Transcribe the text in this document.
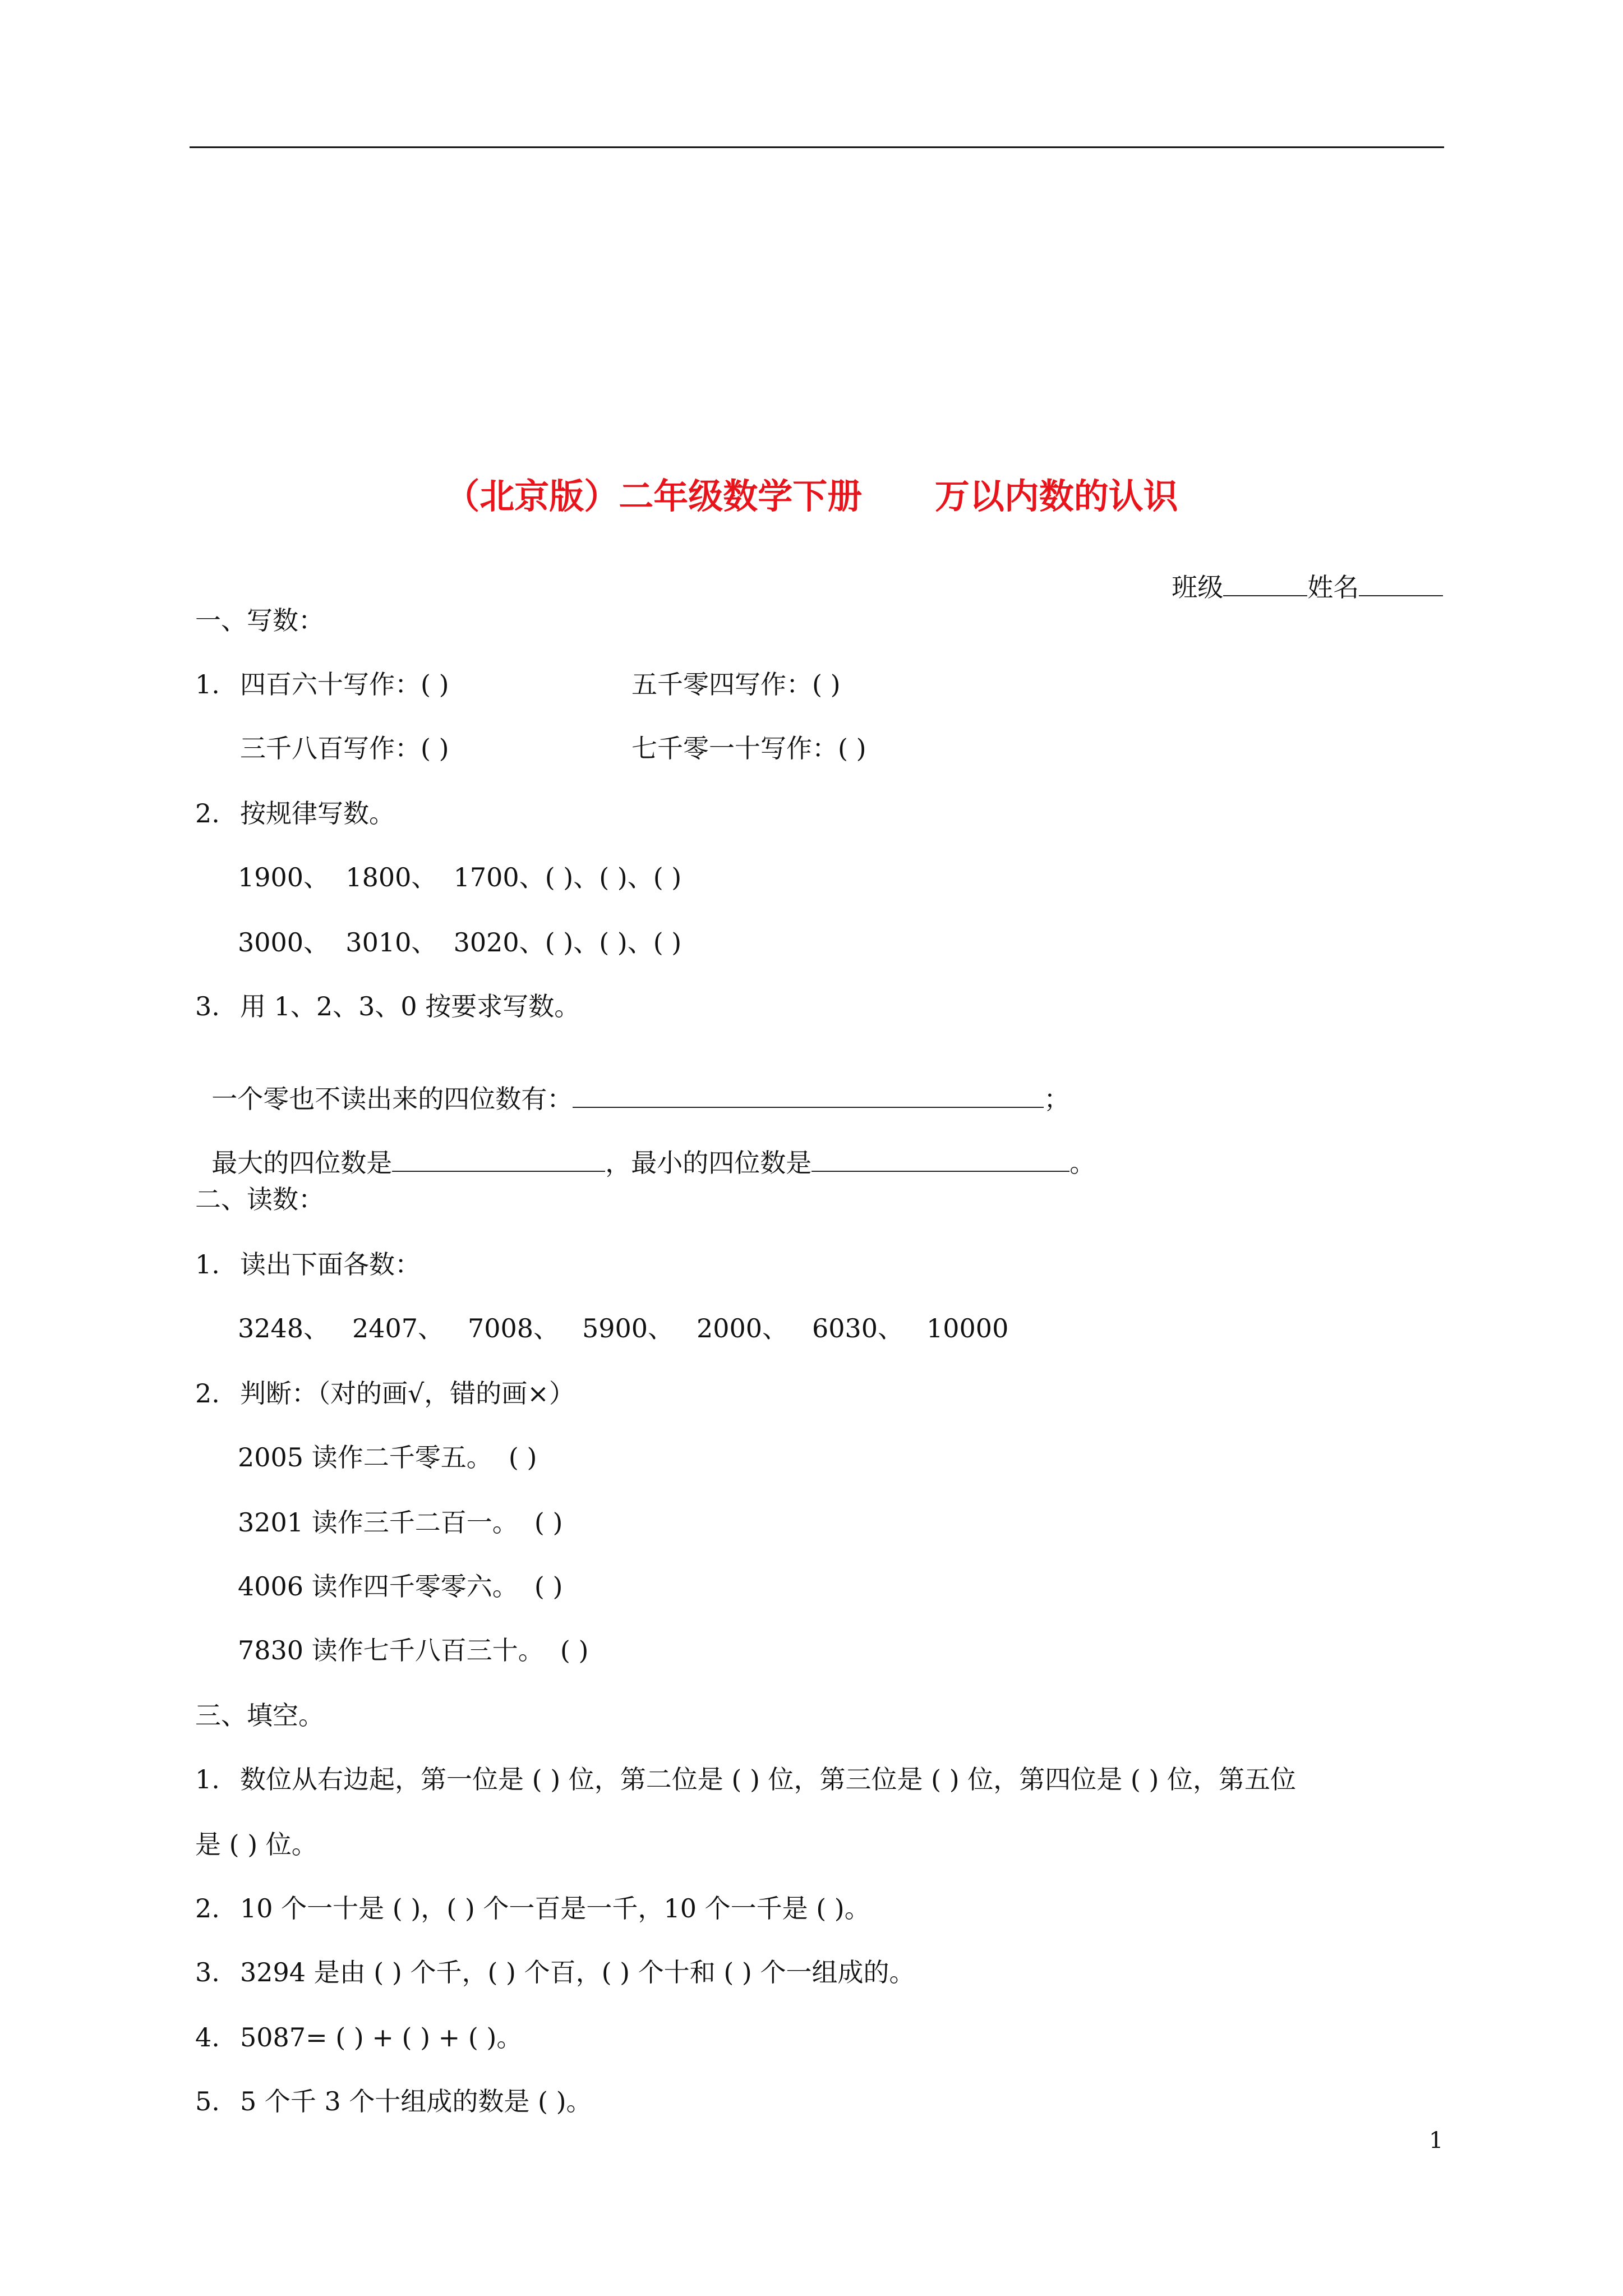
（北京版）二年级数学下册      万以内数的认识

班级	姓名

一、写数：
1. 四百六十写作：( )	五千零四写作：( )
三千八百写作：( )	七千零一十写作：( )
2. 按规律写数。
1900、  1800、  1700、( )、( )、( )
3000、  3010、  3020、( )、( )、( )
3. 用 1、2、3、0 按要求写数。

一个零也不读出来的四位数有：	；

最大的四位数是	，最小的四位数是	。

二、读数：
1. 读出下面各数：
3248、 2407、 7008、 5900、 2000、 6030、 10000
2. 判断：（对的画√，错的画×）
2005 读作二千零五。  ( )
3201 读作三千二百一。  ( )
4006 读作四千零零六。  ( )
7830 读作七千八百三十。  ( )
三、填空。
1. 数位从右边起，第一位是 ( ) 位，第二位是 ( ) 位，第三位是 ( ) 位，第四位是 ( ) 位，第五位
是 ( ) 位。
2. 10 个一十是 ( )，( ) 个一百是一千，10 个一千是 ( )。
3. 3294 是由 ( ) 个千，( ) 个百，( ) 个十和 ( ) 个一组成的。
4. 5087= ( ) + ( ) + ( )。
5. 5 个千 3 个十组成的数是 ( )。
1
